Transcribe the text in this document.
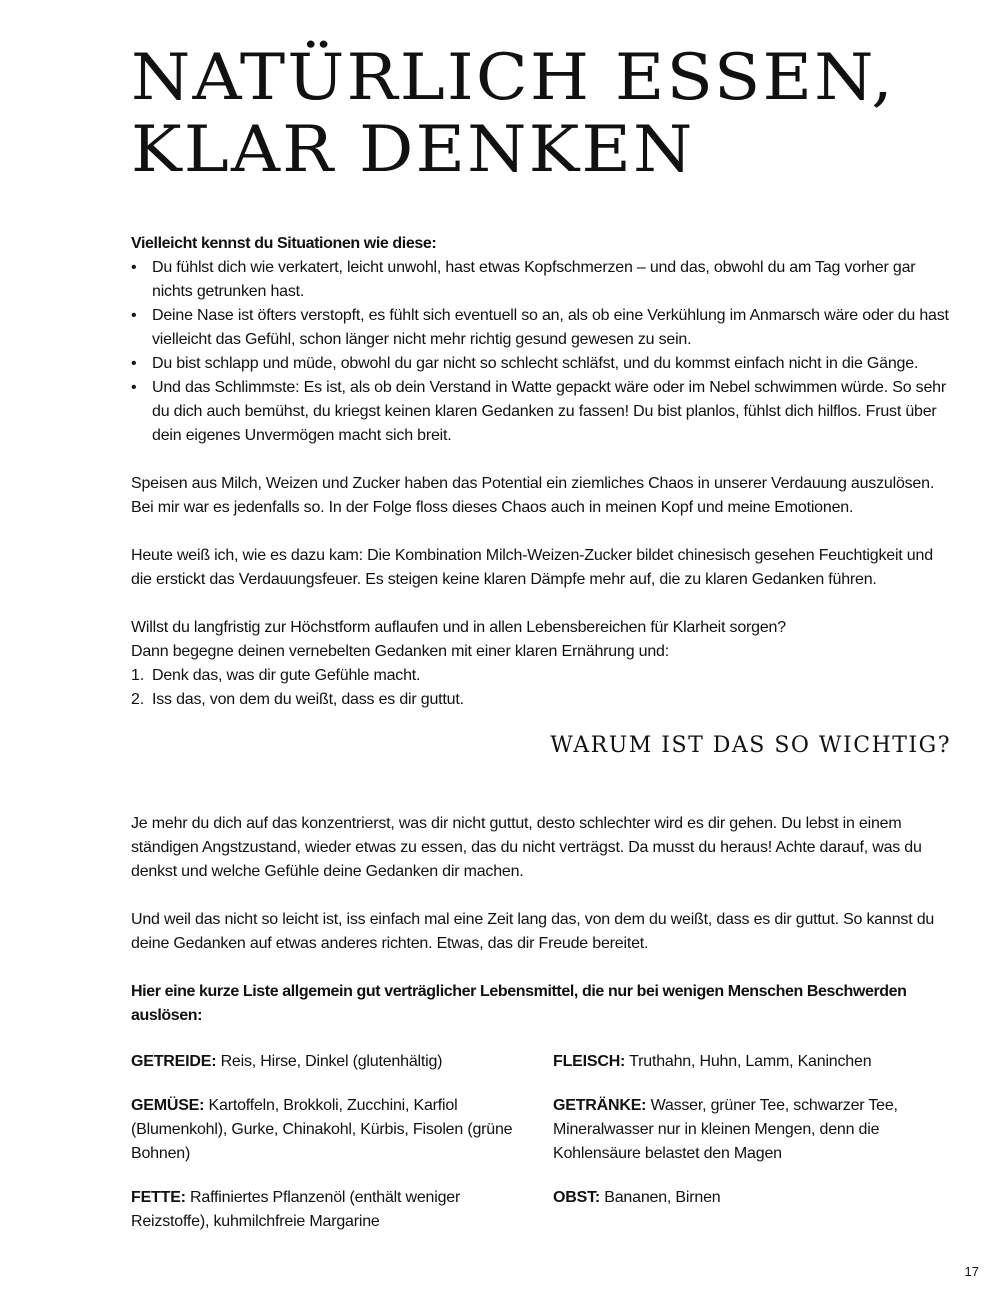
NATÜRLICH ESSEN,
KLAR DENKEN

Vielleicht kennst du Situationen wie diese:

• Du fühlst dich wie verkatert, leicht unwohl, hast etwas Kopfschmerzen – und das, obwohl du am Tag vorher gar nichts getrunken hast.
• Deine Nase ist öfters verstopft, es fühlt sich eventuell so an, als ob eine Verkühlung im Anmarsch wäre oder du hast vielleicht das Gefühl, schon länger nicht mehr richtig gesund gewesen zu sein.
• Du bist schlapp und müde, obwohl du gar nicht so schlecht schläfst, und du kommst einfach nicht in die Gänge.
• Und das Schlimmste: Es ist, als ob dein Verstand in Watte gepackt wäre oder im Nebel schwimmen würde. So sehr du dich auch bemühst, du kriegst keinen klaren Gedanken zu fassen! Du bist planlos, fühlst dich hilflos. Frust über dein eigenes Unvermögen macht sich breit.

Speisen aus Milch, Weizen und Zucker haben das Potential ein ziemliches Chaos in unserer Verdauung auszulösen. Bei mir war es jedenfalls so. In der Folge floss dieses Chaos auch in meinen Kopf und meine Emotionen.

Heute weiß ich, wie es dazu kam: Die Kombination Milch-Weizen-Zucker bildet chinesisch gesehen Feuchtigkeit und die erstickt das Verdauungsfeuer. Es steigen keine klaren Dämpfe mehr auf, die zu klaren Gedanken führen.

Willst du langfristig zur Höchstform auflaufen und in allen Lebensbereichen für Klarheit sorgen?

Dann begegne deinen vernebelten Gedanken mit einer klaren Ernährung und:

1. Denk das, was dir gute Gefühle macht.
2. Iss das, von dem du weißt, dass es dir guttut.
WARUM IST DAS SO WICHTIG?

Je mehr du dich auf das konzentrierst, was dir nicht guttut, desto schlechter wird es dir gehen. Du lebst in einem ständigen Angstzustand, wieder etwas zu essen, das du nicht verträgst. Da musst du heraus! Achte darauf, was du denkst und welche Gefühle deine Gedanken dir machen.

Und weil das nicht so leicht ist, iss einfach mal eine Zeit lang das, von dem du weißt, dass es dir guttut. So kannst du deine Gedanken auf etwas anderes richten. Etwas, das dir Freude bereitet.

Hier eine kurze Liste allgemein gut verträglicher Lebensmittel, die nur bei wenigen Menschen Beschwerden auslösen:

GETREIDE: Reis, Hirse, Dinkel (glutenhältig)

GEMÜSE: Kartoffeln, Brokkoli, Zucchini, Karfiol (Blumenkohl), Gurke, Chinakohl, Kürbis, Fisolen (grüne Bohnen)

FETTE: Raffiniertes Pflanzenöl (enthält weniger Reizstoffe), kuhmilchfreie Margarine

FLEISCH: Truthahn, Huhn, Lamm, Kaninchen

GETRÄNKE: Wasser, grüner Tee, schwarzer Tee, Mineralwasser nur in kleinen Mengen, denn die Kohlensäure belastet den Magen

OBST: Bananen, Birnen

17
